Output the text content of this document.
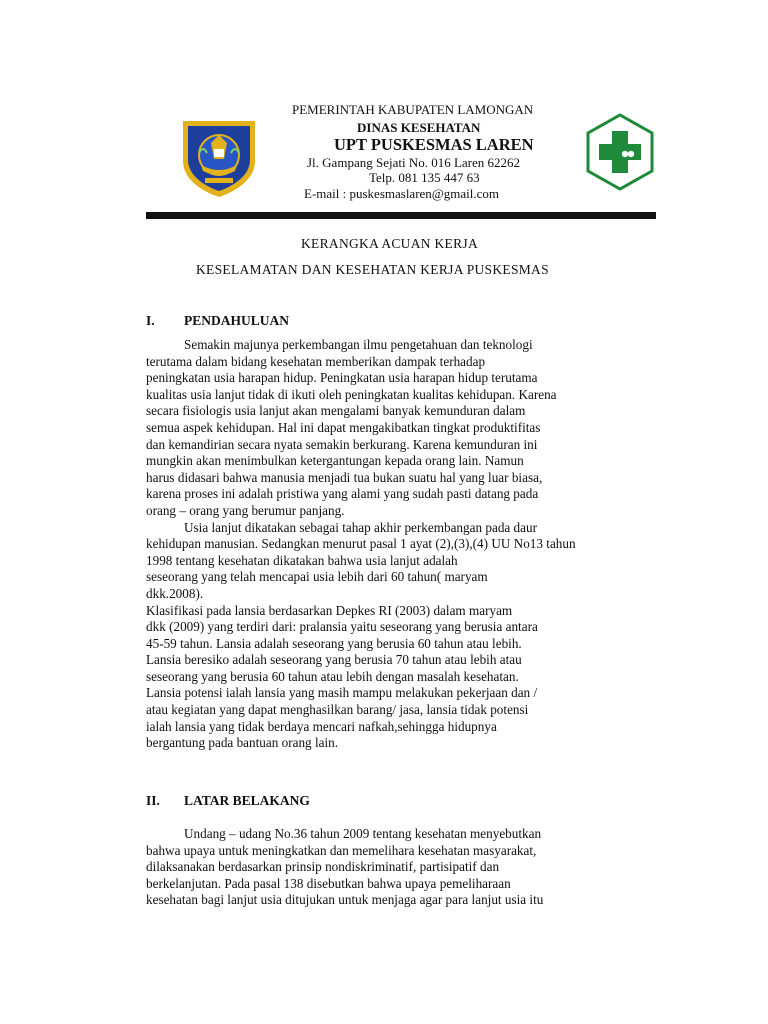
PEMERINTAH KABUPATEN LAMONGAN
DINAS KESEHATAN
UPT PUSKESMAS LAREN
Jl. Gampang Sejati No. 016 Laren 62262
Telp. 081 135 447 63
E-mail : puskesmaslaren@gmail.com
KERANGKA ACUAN KERJA
KESELAMATAN DAN KESEHATAN KERJA PUSKESMAS
I. PENDAHULUAN
Semakin majunya perkembangan ilmu pengetahuan dan teknologi
terutama dalam bidang kesehatan memberikan dampak terhadap
peningkatan usia harapan hidup. Peningkatan usia harapan hidup terutama
kualitas usia lanjut tidak di ikuti oleh peningkatan kualitas kehidupan. Karena
secara fisiologis usia lanjut akan mengalami banyak kemunduran dalam
semua aspek kehidupan. Hal ini dapat mengakibatkan tingkat produktifitas
dan kemandirian secara nyata semakin berkurang. Karena kemunduran ini
mungkin akan menimbulkan ketergantungan kepada orang lain. Namun
harus didasari bahwa manusia menjadi tua bukan suatu hal yang luar biasa,
karena proses ini adalah pristiwa yang alami yang sudah pasti datang pada
orang – orang yang berumur panjang.
Usia lanjut dikatakan sebagai tahap akhir perkembangan pada daur
kehidupan manusian. Sedangkan menurut pasal 1 ayat (2),(3),(4) UU No13 tahun
1998 tentang kesehatan dikatakan bahwa usia lanjut adalah
seseorang yang telah mencapai usia lebih dari 60 tahun( maryam
dkk.2008).
Klasifikasi pada lansia berdasarkan Depkes RI (2003) dalam maryam
dkk (2009) yang terdiri dari: pralansia yaitu seseorang yang berusia antara
45-59 tahun. Lansia adalah seseorang yang berusia 60 tahun atau lebih.
Lansia beresiko adalah seseorang yang berusia 70 tahun atau lebih atau
seseorang yang berusia 60 tahun atau lebih dengan masalah kesehatan.
Lansia potensi ialah lansia yang masih mampu melakukan pekerjaan dan /
atau kegiatan yang dapat menghasilkan barang/ jasa, lansia tidak potensi
ialah lansia yang tidak berdaya mencari nafkah,sehingga hidupnya
bergantung pada bantuan orang lain.
II. LATAR BELAKANG
Undang – udang No.36 tahun 2009 tentang kesehatan menyebutkan
bahwa upaya untuk meningkatkan dan memelihara kesehatan masyarakat,
dilaksanakan berdasarkan prinsip nondiskriminatif, partisipatif dan
berkelanjutan. Pada pasal 138 disebutkan bahwa upaya pemeliharaan
kesehatan bagi lanjut usia ditujukan untuk menjaga agar para lanjut usia itu
